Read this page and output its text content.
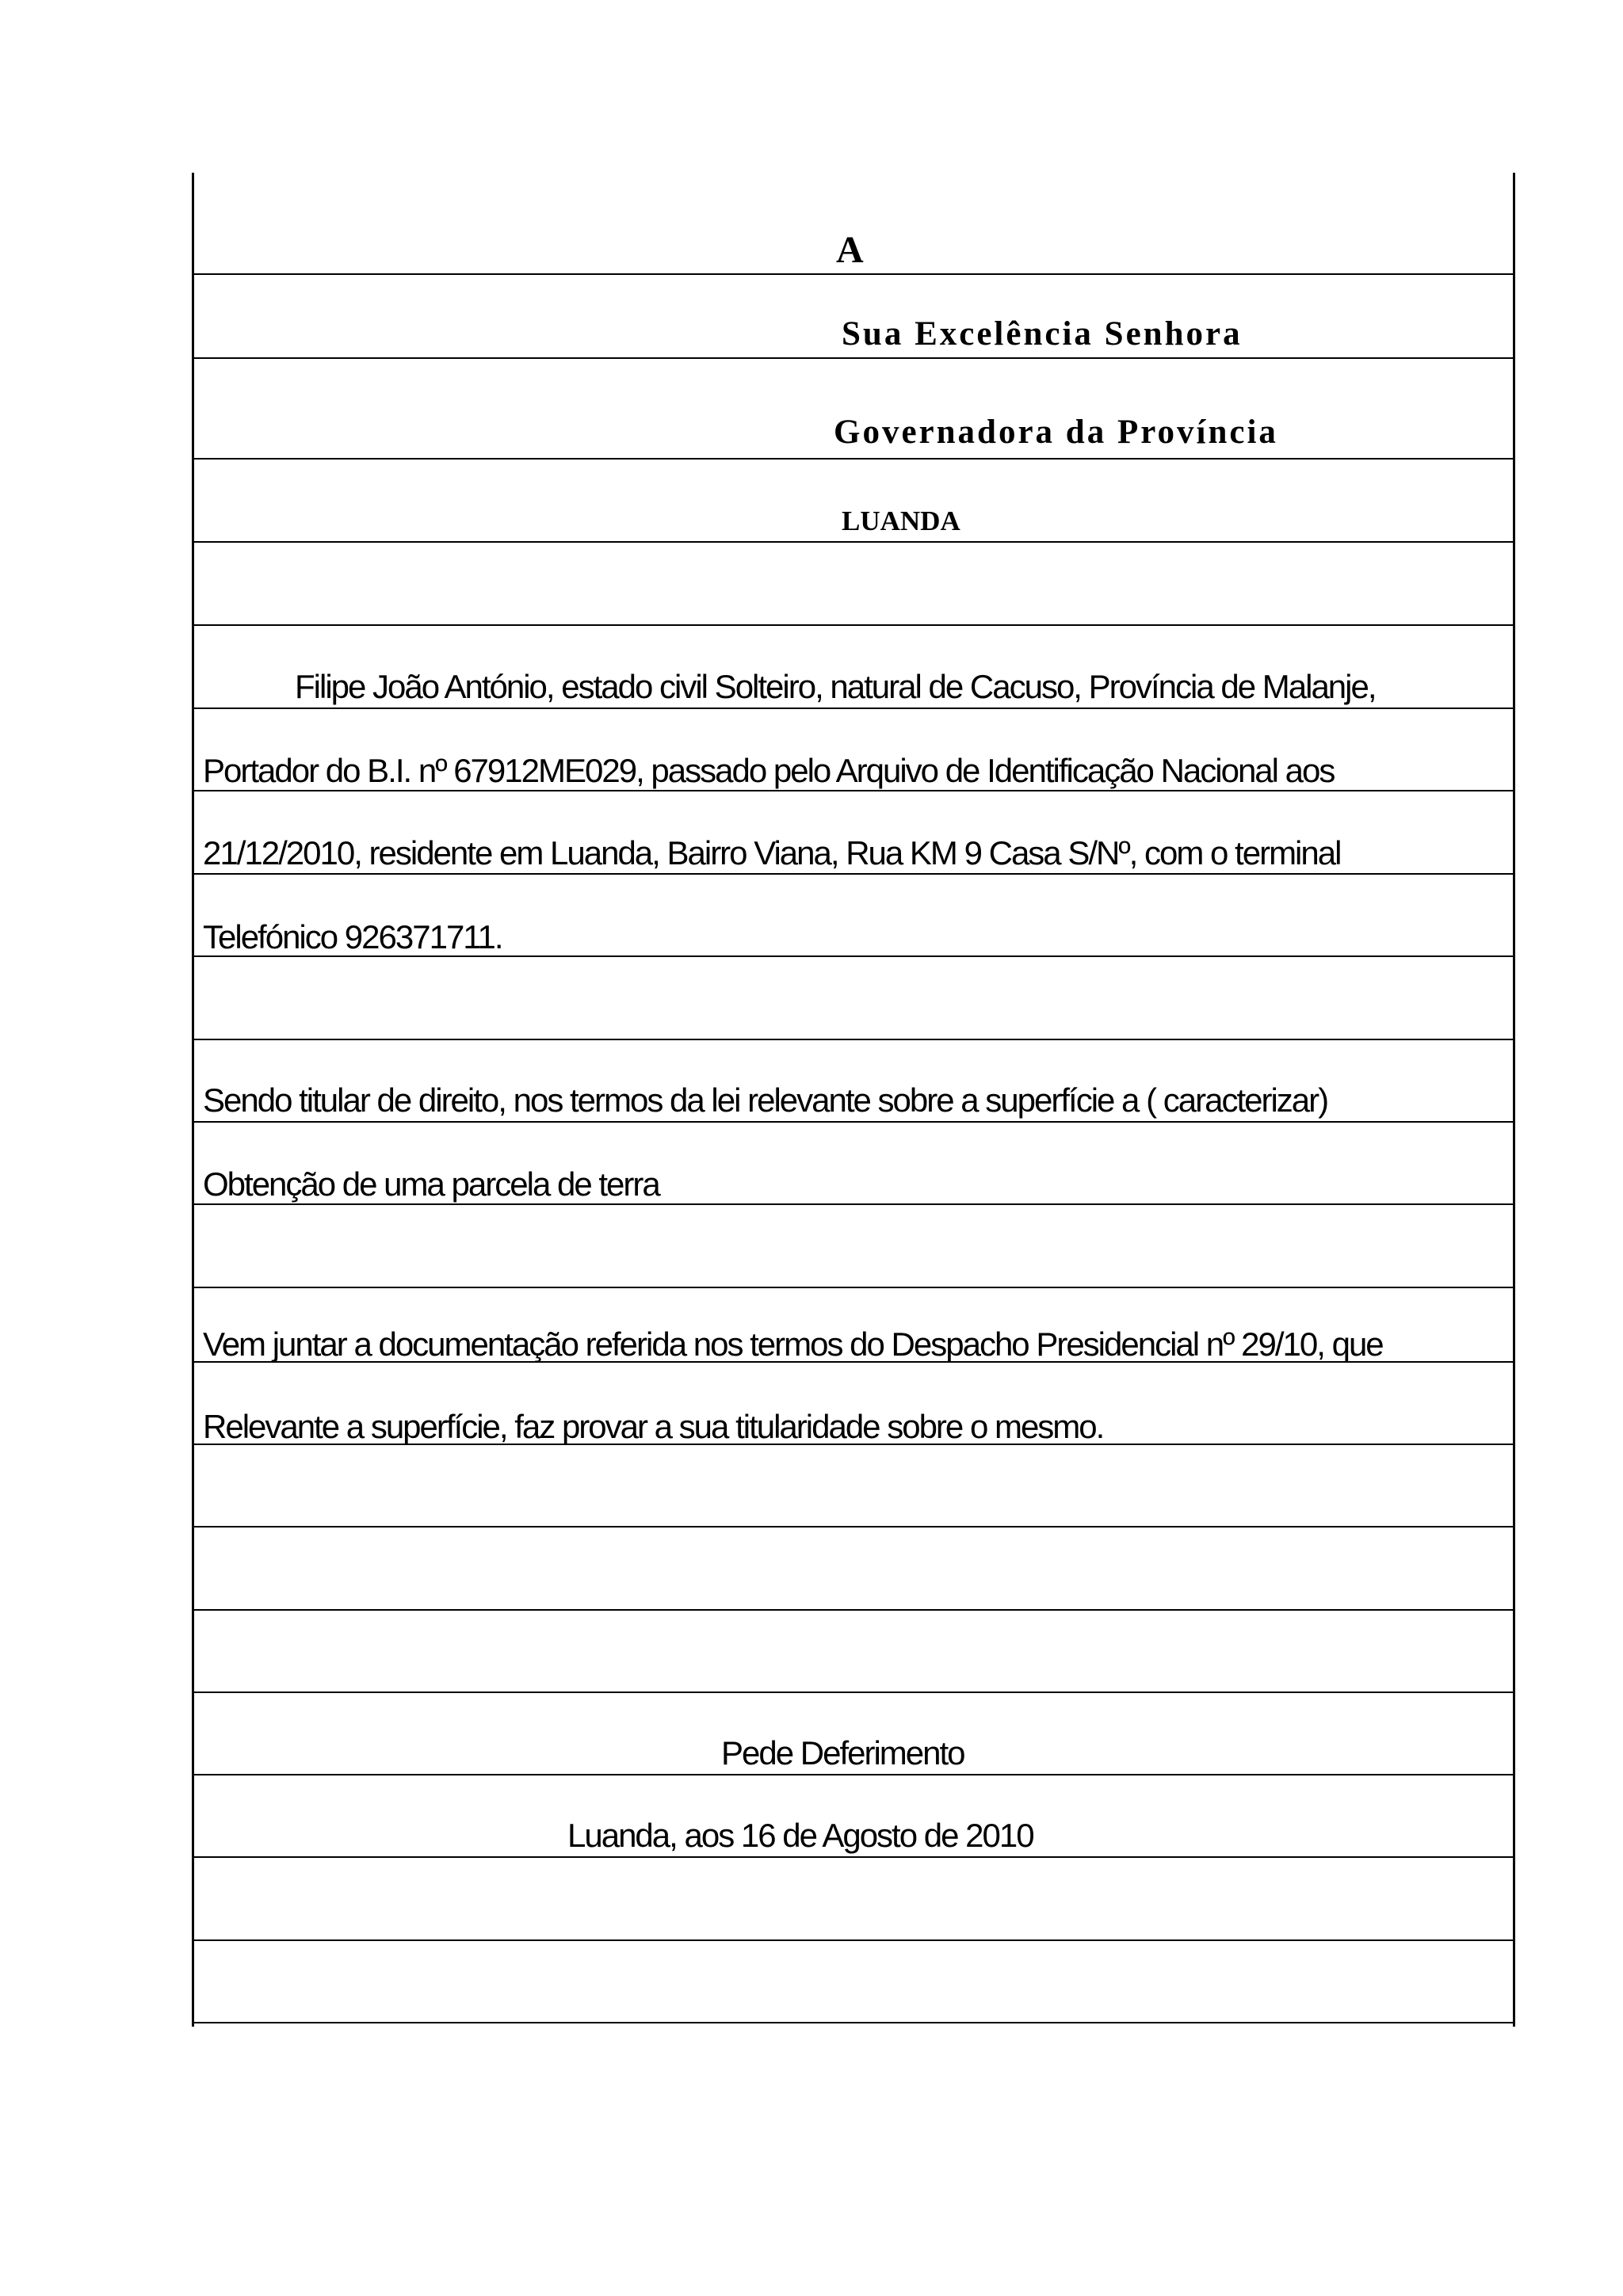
A
Sua Excelência Senhora
Governadora da Província
LUANDA
Filipe João António, estado civil Solteiro, natural de Cacuso, Província de Malanje,
Portador do B.I. nº 67912ME029, passado pelo Arquivo de Identificação Nacional aos
21/12/2010, residente em Luanda, Bairro Viana, Rua KM 9 Casa S/Nº, com o terminal
Telefónico 926371711.
Sendo titular de direito, nos termos da lei relevante sobre a superfície a ( caracterizar)
Obtenção de uma parcela de terra
Vem juntar a documentação referida nos termos do Despacho Presidencial nº 29/10, que
Relevante a superfície, faz provar a sua titularidade sobre o mesmo.
Pede Deferimento
Luanda, aos 16 de Agosto de 2010
